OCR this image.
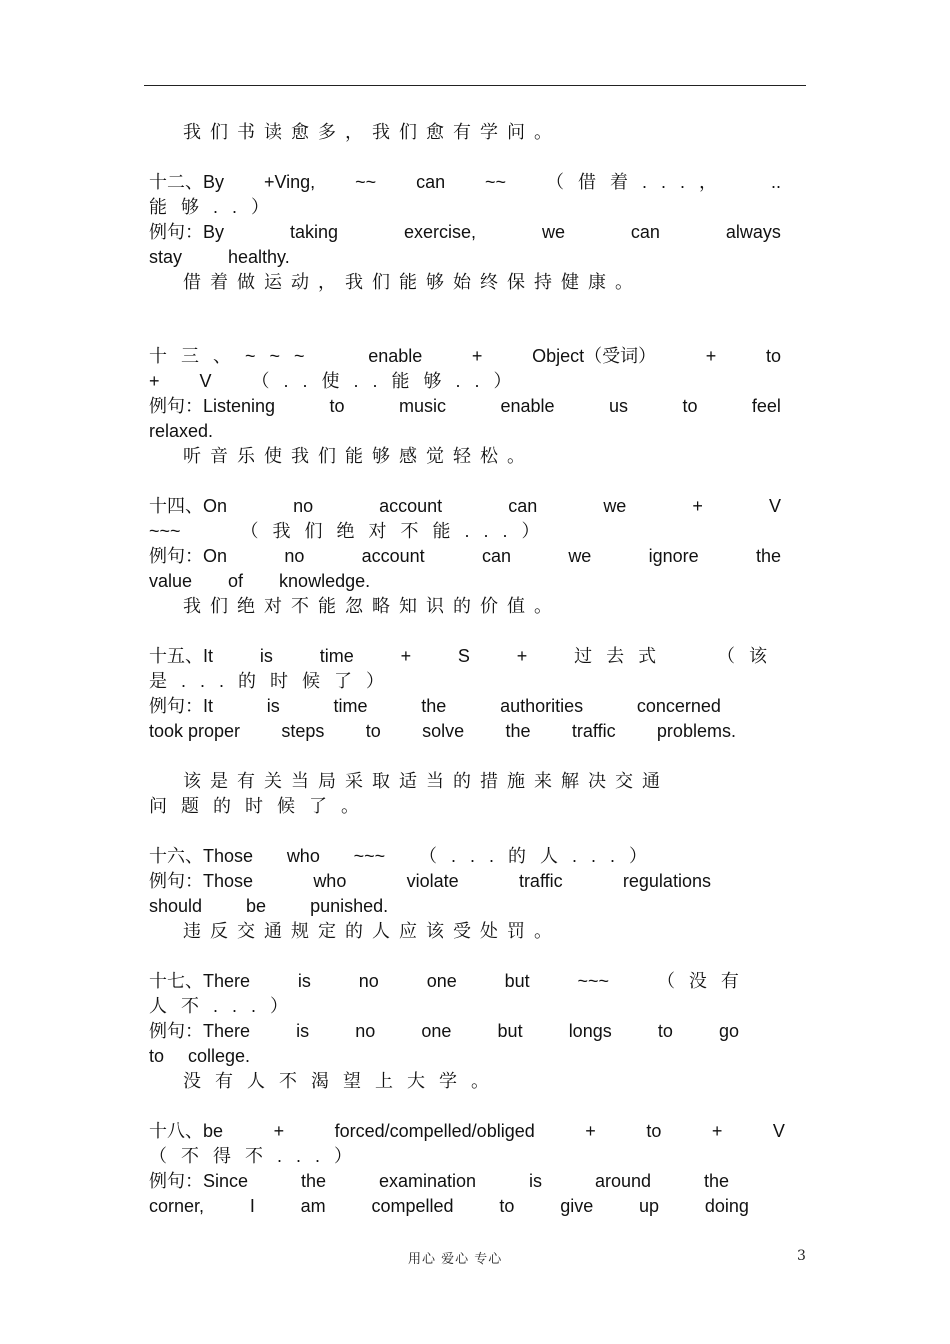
我们书读愈多，我们愈有学问。
十二、By +Ving, ~~ can ~~ （借着...， ..
能够..）
例句：By	taking	exercise,	we	can	always
stay	healthy.
借着做运动，我们能够始终保持健康。
十三、~~~	enable	+	Object（受词）	+	to
+ V （..使..能够..）
例句：Listening	to	music	enable	us	to	feel
relaxed.
听音乐使我们能够感觉轻松。
十四、On	no	account	can	we	+	V
~~~	（我们绝对不能...）
例句：On	no	account	can	we	ignore	the
value of knowledge.
我们绝对不能忽略知识的价值。
十五、It	is	time	+	S	+	过去式	（该
是...的时候了）
例句：It	is	time	the	authorities	concerned
took proper steps to solve the traffic problems.
该是有关当局采取适当的措施来解决交通
问题的时候了。
十六、Those who ~~~ （...的人...）
例句：Those	who	violate	traffic	regulations
should be punished.
违反交通规定的人应该受处罚。
十七、There	is	no	one	but	~~~	（没有
人不...）
例句：There	is	no	one	but	longs	to	go
to college.
没有人不渴望上大学。
十八、be	+	forced/compelled/obliged	+	to	+	V
（不得不...）
例句：Since	the	examination	is	around	the
corner,	I	am	compelled	to	give	up	doing
用心 爱心 专心	3
